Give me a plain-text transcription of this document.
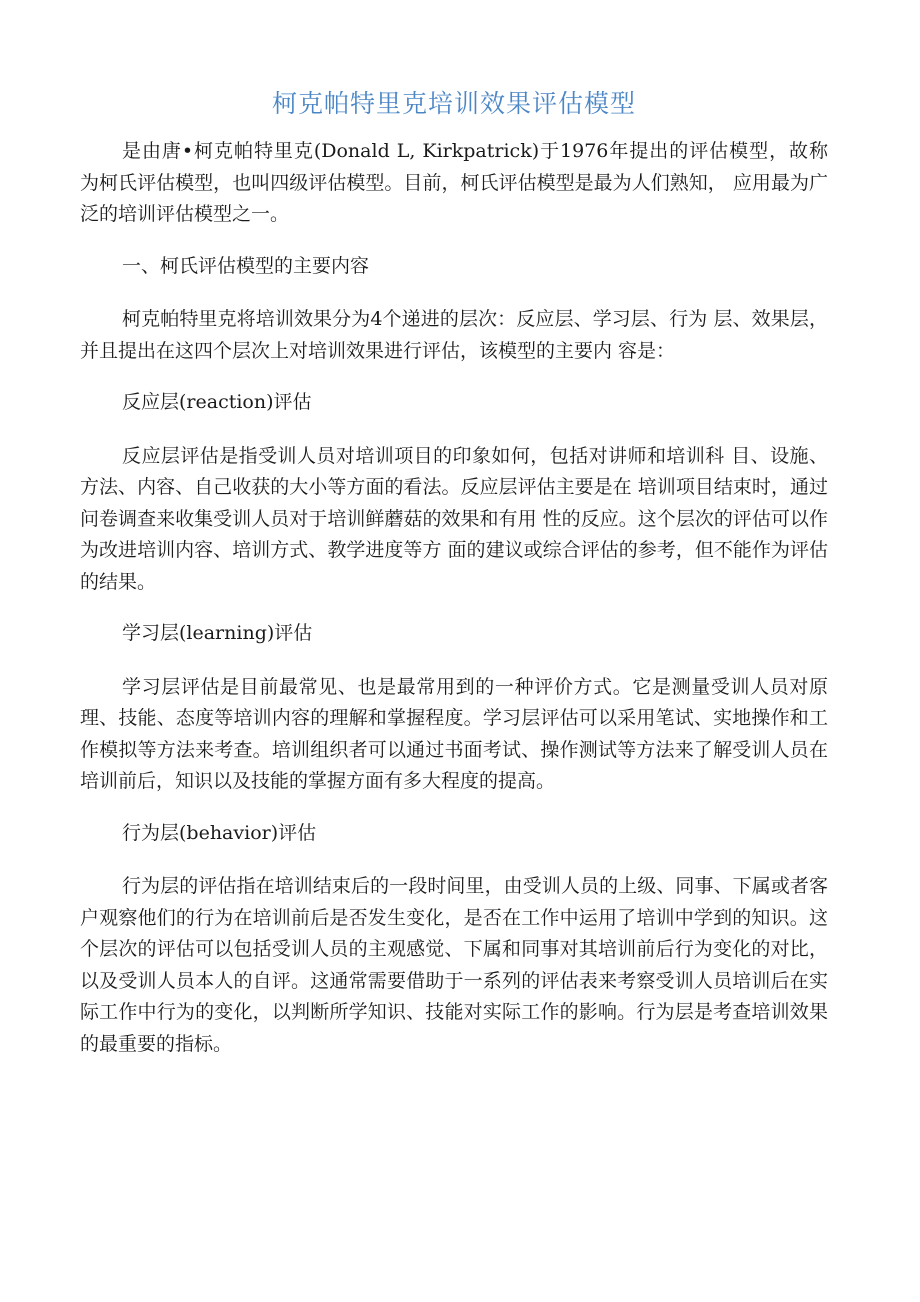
柯克帕特里克培训效果评估模型

是由唐•柯克帕特里克(Donald L, Kirkpatrick)于1976年提出的评估模型，故称 为柯氏评估模型，也叫四级评估模型。目前，柯氏评估模型是最为人们熟知， 应用最为广泛的培训评估模型之一。

一、柯氏评估模型的主要内容

柯克帕特里克将培训效果分为4个递进的层次：反应层、学习层、行为 层、效果层，并且提出在这四个层次上对培训效果进行评估，该模型的主要内 容是：

反应层(reaction)评估

反应层评估是指受训人员对培训项目的印象如何，包括对讲师和培训科 目、设施、方法、内容、自己收获的大小等方面的看法。反应层评估主要是在 培训项目结束时，通过问卷调查来收集受训人员对于培训鲜蘑菇的效果和有用 性的反应。这个层次的评估可以作为改进培训内容、培训方式、教学进度等方 面的建议或综合评估的参考，但不能作为评估的结果。

学习层(learning)评估

学习层评估是目前最常见、也是最常用到的一种评价方式。它是测量受训人员对原理、技能、态度等培训内容的理解和掌握程度。学习层评估可以采用笔试、实地操作和工作模拟等方法来考查。培训组织者可以通过书面考试、操作测试等方法来了解受训人员在培训前后，知识以及技能的掌握方面有多大程度的提高。

行为层(behavior)评估

行为层的评估指在培训结束后的一段时间里，由受训人员的上级、同事、下属或者客户观察他们的行为在培训前后是否发生变化，是否在工作中运用了培训中学到的知识。这个层次的评估可以包括受训人员的主观感觉、下属和同事对其培训前后行为变化的对比，以及受训人员本人的自评。这通常需要借助于一系列的评估表来考察受训人员培训后在实际工作中行为的变化，以判断所学知识、技能对实际工作的影响。行为层是考查培训效果的最重要的指标。
